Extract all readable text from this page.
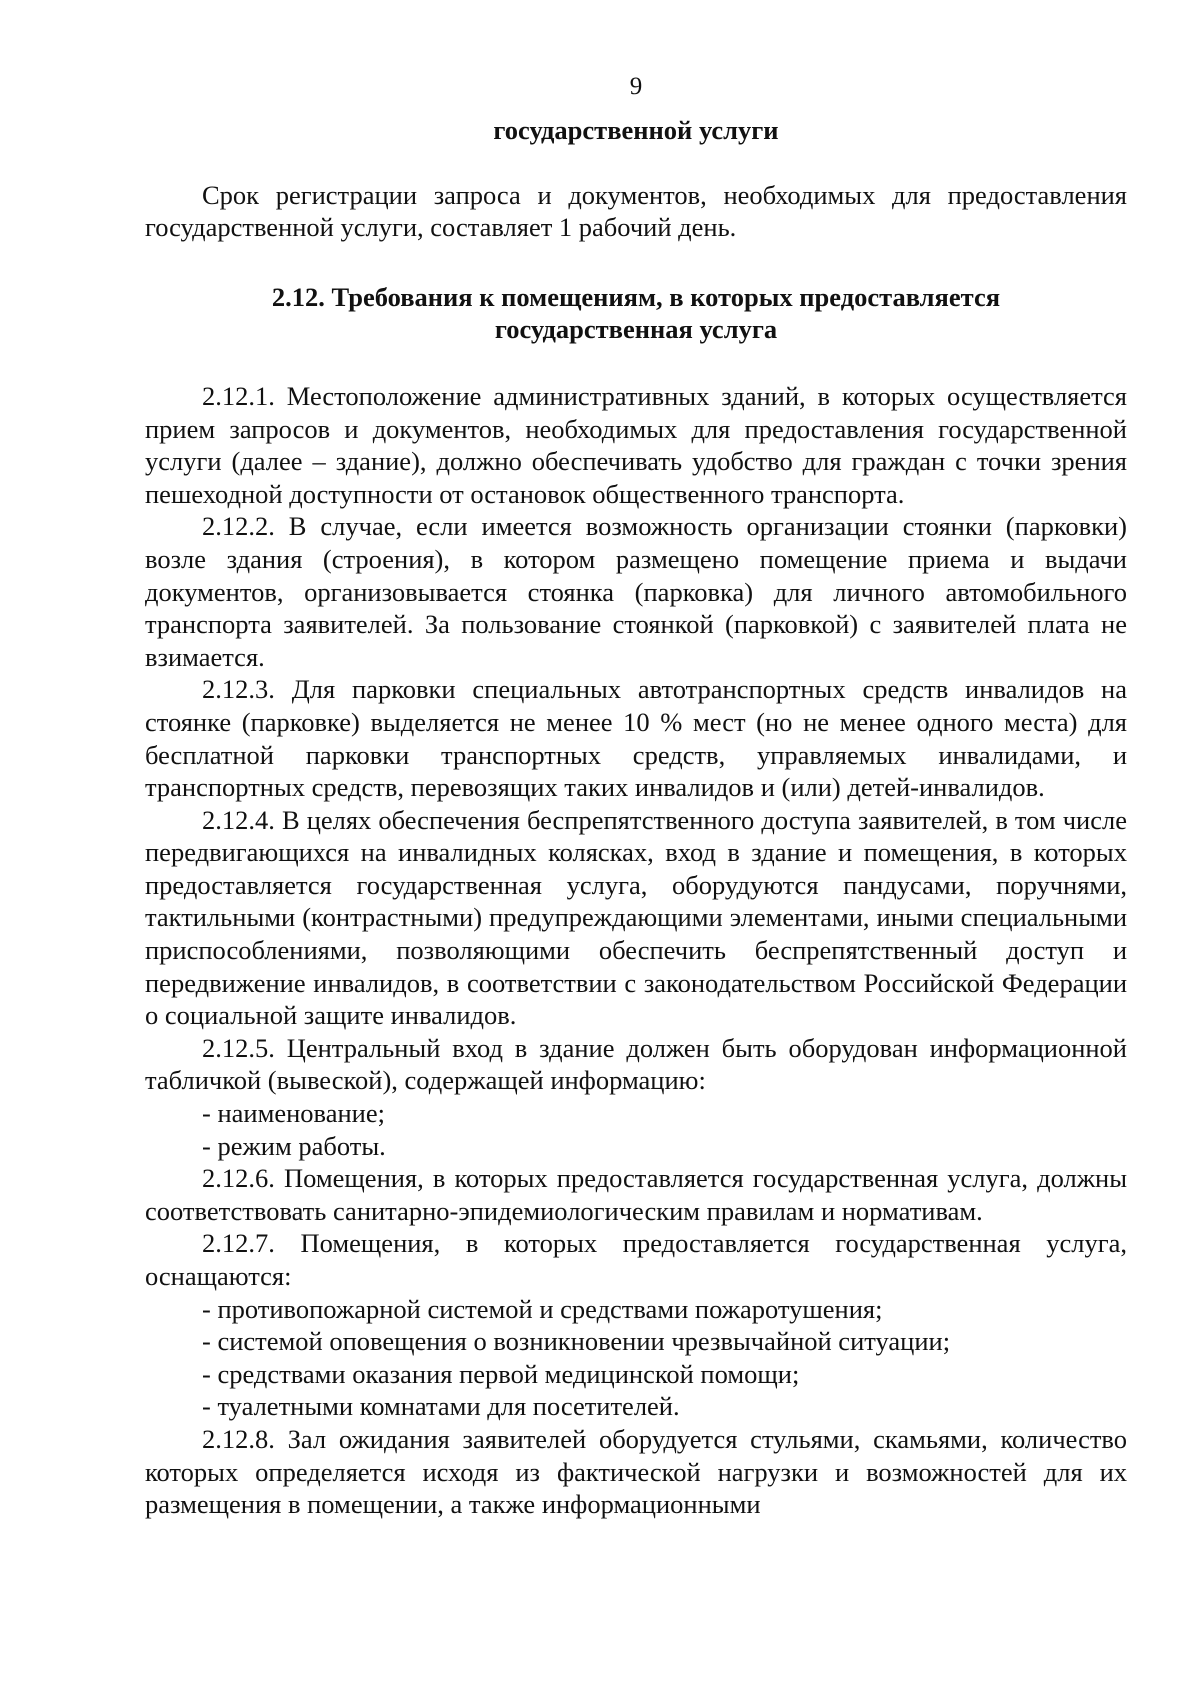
9
государственной услуги

Срок регистрации запроса и документов, необходимых для предоставления государственной услуги, составляет 1 рабочий день.

2.12. Требования к помещениям, в которых предоставляется
государственная услуга

2.12.1. Местоположение административных зданий, в которых осуществляется прием запросов и документов, необходимых для предоставления государственной услуги (далее – здание), должно обеспечивать удобство для граждан с точки зрения пешеходной доступности от остановок общественного транспорта.

2.12.2. В случае, если имеется возможность организации стоянки (парковки) возле здания (строения), в котором размещено помещение приема и выдачи документов, организовывается стоянка (парковка) для личного автомобильного транспорта заявителей. За пользование стоянкой (парковкой) с заявителей плата не взимается.

2.12.3. Для парковки специальных автотранспортных средств инвалидов на стоянке (парковке) выделяется не менее 10 % мест (но не менее одного места) для бесплатной парковки транспортных средств, управляемых инвалидами, и транспортных средств, перевозящих таких инвалидов и (или) детей-инвалидов.

2.12.4. В целях обеспечения беспрепятственного доступа заявителей, в том числе передвигающихся на инвалидных колясках, вход в здание и помещения, в которых предоставляется государственная услуга, оборудуются пандусами, поручнями, тактильными (контрастными) предупреждающими элементами, иными специальными приспособлениями, позволяющими обеспечить беспрепятственный доступ и передвижение инвалидов, в соответствии с законодательством Российской Федерации о социальной защите инвалидов.

2.12.5. Центральный вход в здание должен быть оборудован информационной табличкой (вывеской), содержащей информацию:

- наименование;

- режим работы.

2.12.6. Помещения, в которых предоставляется государственная услуга, должны соответствовать санитарно-эпидемиологическим правилам и нормативам.

2.12.7. Помещения, в которых предоставляется государственная услуга, оснащаются:

- противопожарной системой и средствами пожаротушения;

- системой оповещения о возникновении чрезвычайной ситуации;

- средствами оказания первой медицинской помощи;

- туалетными комнатами для посетителей.

2.12.8. Зал ожидания заявителей оборудуется стульями, скамьями, количество которых определяется исходя из фактической нагрузки и возможностей для их размещения в помещении, а также информационными
